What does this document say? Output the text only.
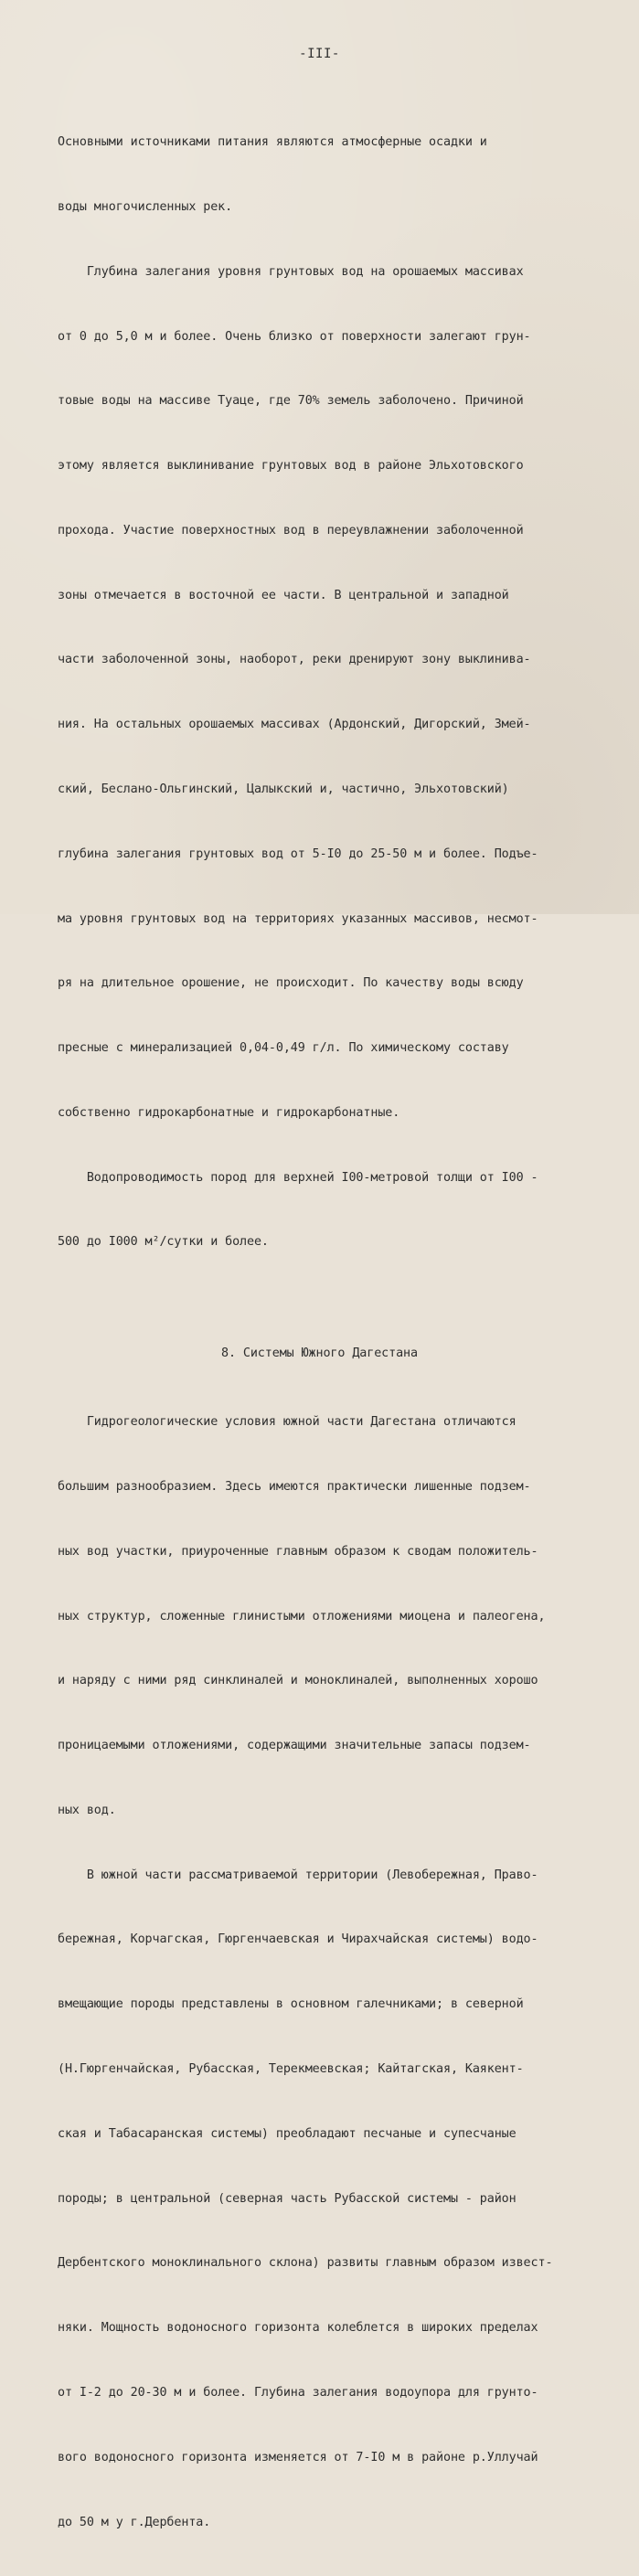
-III-

Основными источниками питания являются атмосферные осадки и

воды многочисленных рек.

Глубина залегания уровня грунтовых вод на орошаемых массивах

от 0 до 5,0 м и более. Очень близко от поверхности залегают грун-

товые воды на массиве Туаце, где 70% земель заболочено. Причиной

этому является выклинивание грунтовых вод в районе Эльхотовского

прохода. Участие поверхностных вод в переувлажнении заболоченной

зоны отмечается в восточной ее части. В центральной и западной

части заболоченной зоны, наоборот, реки дренируют зону выклинива-

ния. На остальных орошаемых массивах (Ардонский, Дигорский, Змей-

ский, Беслано-Ольгинский, Цалыкский и, частично, Эльхотовский)

глубина залегания грунтовых вод от 5-I0 до 25-50 м и более. Подъе-

ма уровня грунтовых вод на территориях указанных массивов, несмот-

ря на длительное орошение, не происходит. По качеству воды всюду

пресные с минерализацией 0,04-0,49 г/л. По химическому составу

собственно гидрокарбонатные и гидрокарбонатные.

Водопроводимость пород для верхней I00-метровой толщи от I00 -

500 до I000 м²/сутки и более.

8. Системы Южного Дагестана

Гидрогеологические условия южной части Дагестана отличаются

большим разнообразием. Здесь имеются практически лишенные подзем-

ных вод участки, приуроченные главным образом к сводам положитель-

ных структур, сложенные глинистыми отложениями миоцена и палеогена,

и наряду с ними ряд синклиналей и моноклиналей, выполненных хорошо

проницаемыми отложениями, содержащими значительные запасы подзем-

ных вод.

В южной части рассматриваемой территории (Левобережная, Право-

бережная, Корчагская, Гюргенчаевская и Чирахчайская системы) водо-

вмещающие породы представлены в основном галечниками; в северной

(Н.Гюргенчайская, Рубасская, Терекмеевская; Кайтагская, Каякент-

ская и Табасаранская системы) преобладают песчаные и супесчаные

породы; в центральной (северная часть Рубасской системы - район

Дербентского моноклинального склона) развиты главным образом извест-

няки. Мощность водоносного горизонта колеблется в широких пределах

от I-2 до 20-30 м и более. Глубина залегания водоупора для грунто-

вого водоносного горизонта изменяется от 7-I0 м в районе р.Уллучай

до 50 м у г.Дербента.
